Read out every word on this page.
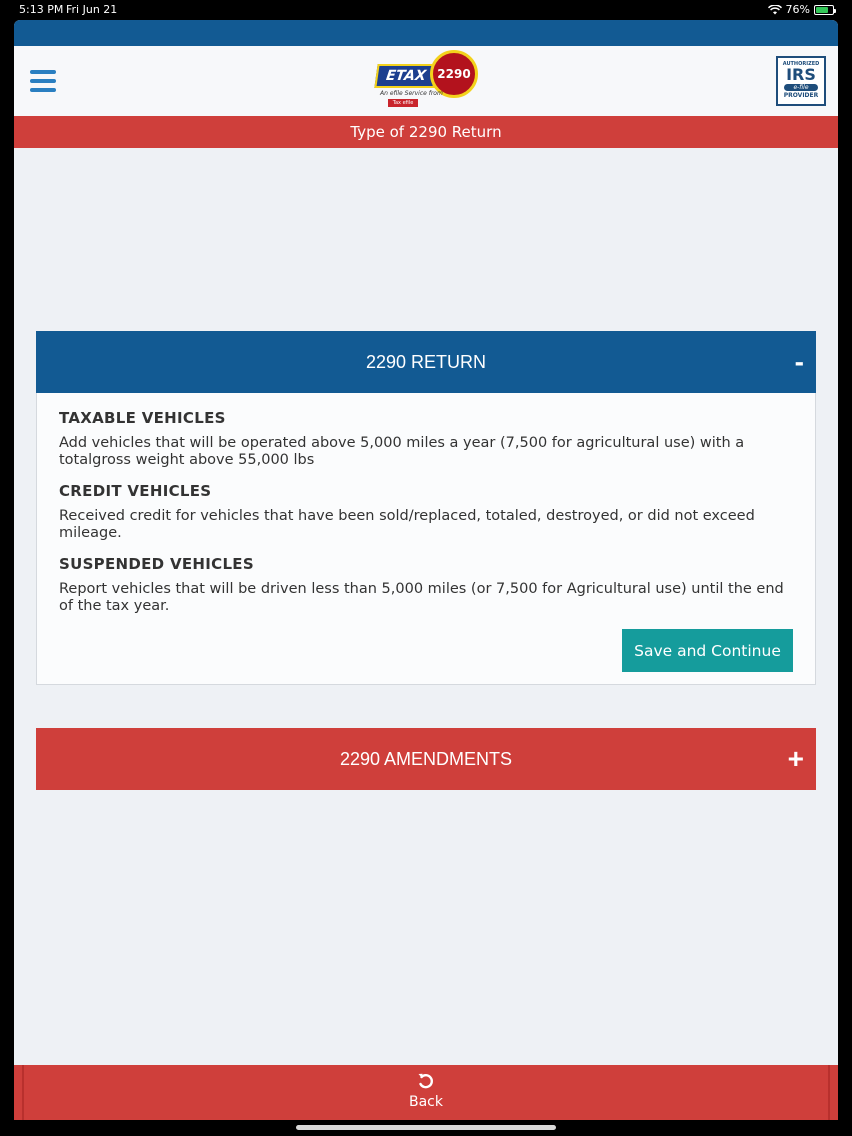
5:13 PM Fri Jun 21	76%
ETAX 2290
An efile Service from
Tax efile
AUTHORIZED
IRS
e-file
PROVIDER
Type of 2290 Return
2290 RETURN	-
TAXABLE VEHICLES
Add vehicles that will be operated above 5,000 miles a year (7,500 for agricultural use) with a totalgross weight above 55,000 lbs
CREDIT VEHICLES
Received credit for vehicles that have been sold/replaced, totaled, destroyed, or did not exceed mileage.
SUSPENDED VEHICLES
Report vehicles that will be driven less than 5,000 miles (or 7,500 for Agricultural use) until the end of the tax year.
Save and Continue
2290 AMENDMENTS	+
Back
